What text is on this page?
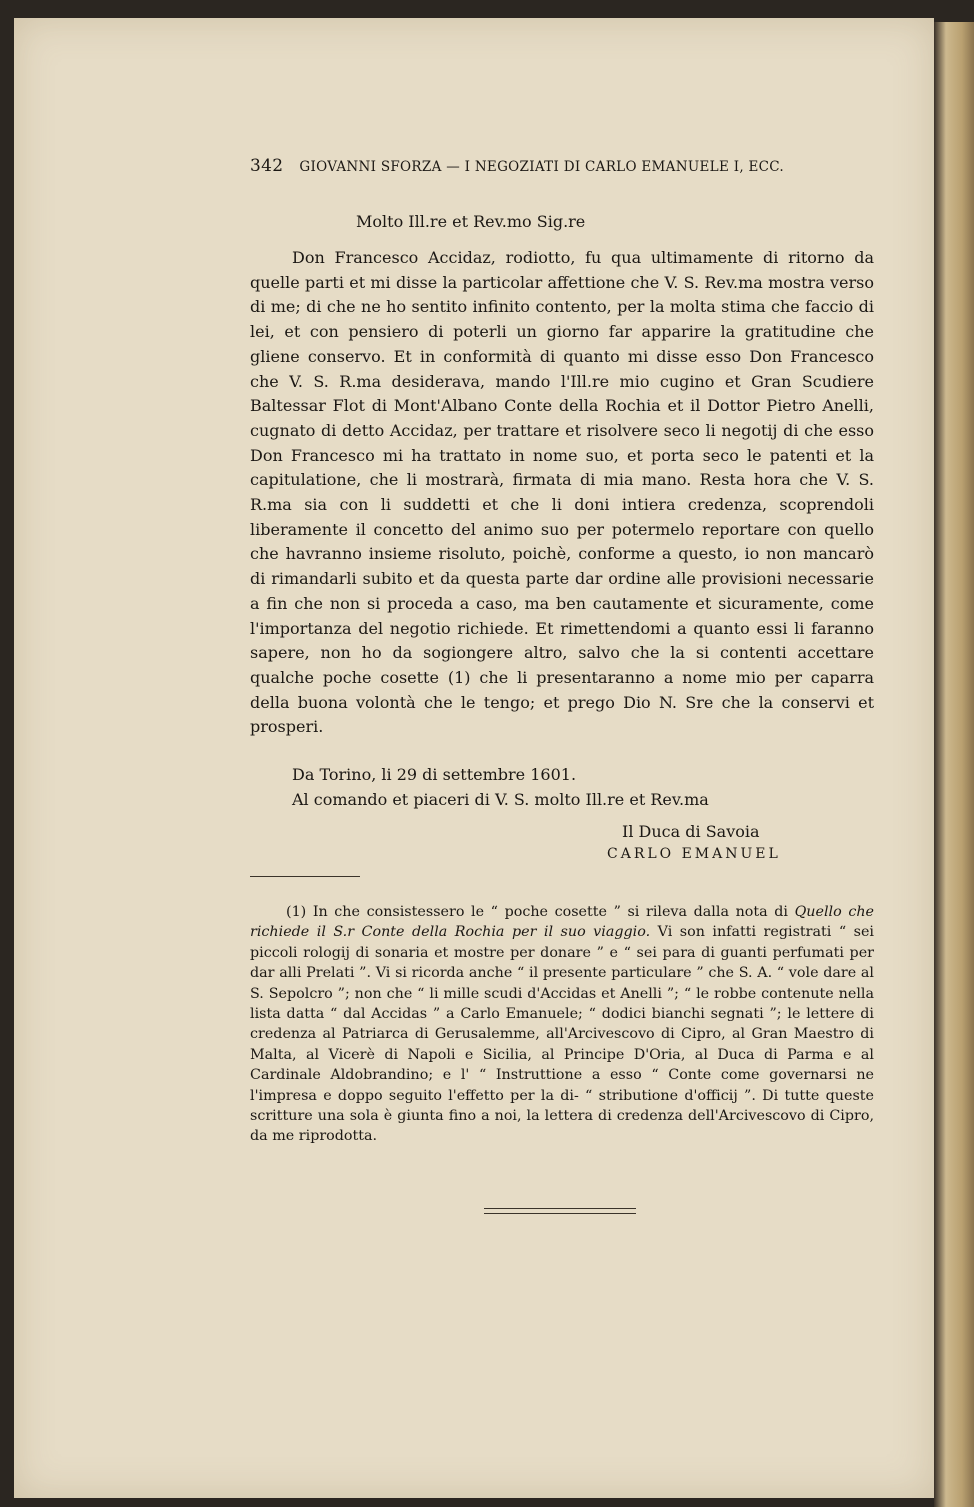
342 GIOVANNI SFORZA — I NEGOZIATI DI CARLO EMANUELE I, ECC.
Molto Ill.re et Rev.mo Sig.re
Don Francesco Accidaz, rodiotto, fu qua ultimamente di ritorno da quelle parti et mi disse la particolar affettione che V. S. Rev.ma mostra verso di me; di che ne ho sentito infinito contento, per la molta stima che faccio di lei, et con pensiero di poterli un giorno far apparire la gratitudine che gliene conservo. Et in conformità di quanto mi disse esso Don Francesco che V. S. R.ma desiderava, mando l'Ill.re mio cugino et Gran Scudiere Baltessar Flot di Mont'Albano Conte della Rochia et il Dottor Pietro Anelli, cugnato di detto Accidaz, per trattare et risolvere seco li negotij di che esso Don Francesco mi ha trattato in nome suo, et porta seco le patenti et la capitulatione, che li mostrarà, firmata di mia mano. Resta hora che V. S. R.ma sia con li suddetti et che li doni intiera credenza, scoprendoli liberamente il concetto del animo suo per potermelo reportare con quello che havranno insieme risoluto, poichè, conforme a questo, io non mancarò di rimandarli subito et da questa parte dar ordine alle provisioni necessarie a fin che non si proceda a caso, ma ben cautamente et sicuramente, come l'importanza del negotio richiede. Et rimettendomi a quanto essi li faranno sapere, non ho da sogiongere altro, salvo che la si contenti accettare qualche poche cosette (1) che li presentaranno a nome mio per caparra della buona volontà che le tengo; et prego Dio N. Sre che la conservi et prosperi.
Da Torino, li 29 di settembre 1601.
Al comando et piaceri di V. S. molto Ill.re et Rev.ma
Il Duca di Savoia
CARLO EMANUEL
(1) In che consistessero le “ poche cosette ” si rileva dalla nota di Quello che richiede il S.r Conte della Rochia per il suo viaggio. Vi son infatti registrati “ sei piccoli rologij di sonaria et mostre per donare ” e “ sei para di guanti perfumati per dar alli Prelati ”. Vi si ricorda anche “ il presente particulare ” che S. A. “ vole dare al S. Sepolcro ”; non che “ li mille scudi d'Accidas et Anelli ”; “ le robbe contenute nella lista datta “ dal Accidas ” a Carlo Emanuele; “ dodici bianchi segnati ”; le lettere di credenza al Patriarca di Gerusalemme, all'Arcivescovo di Cipro, al Gran Maestro di Malta, al Vicerè di Napoli e Sicilia, al Principe D'Oria, al Duca di Parma e al Cardinale Aldobrandino; e l' “ Instruttione a esso “ Conte come governarsi ne l'impresa e doppo seguito l'effetto per la di- “ stributione d'officij ”. Di tutte queste scritture una sola è giunta fino a noi, la lettera di credenza dell'Arcivescovo di Cipro, da me riprodotta.
